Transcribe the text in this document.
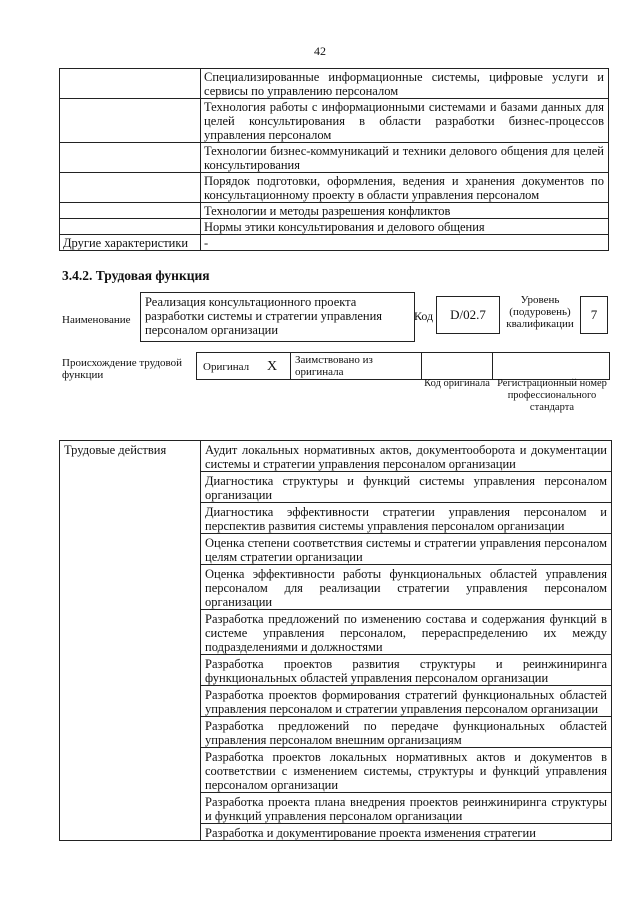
42
	Специализированные информационные системы, цифровые услуги и сервисы по управлению персоналом
	Технология работы с информационными системами и базами данных для целей консультирования в области разработки бизнес-процессов управления персоналом
	Технологии бизнес-коммуникаций и техники делового общения для целей консультирования
	Порядок подготовки, оформления, ведения и хранения документов по консультационному проекту в области управления персоналом
	Технологии и методы разрешения конфликтов
	Нормы этики консультирования и делового общения
Другие характеристики	-
3.4.2. Трудовая функция
Наименование
Реализация консультационного проекта разработки системы и стратегии управления персоналом организации
Код	D/02.7
Уровень (подуровень) квалификации
7
Происхождение трудовой функции
Оригинал X Заимствовано из оригинала
Код оригинала Регистрационный номер профессионального стандарта
Трудовые действия	Аудит локальных нормативных актов, документооборота и документации системы и стратегии управления персоналом организации
Диагностика структуры и функций системы управления персоналом организации
Диагностика эффективности стратегии управления персоналом и перспектив развития системы управления персоналом организации
Оценка степени соответствия системы и стратегии управления персоналом целям стратегии организации
Оценка эффективности работы функциональных областей управления персоналом для реализации стратегии управления персоналом организации
Разработка предложений по изменению состава и содержания функций в системе управления персоналом, перераспределению их между подразделениями и должностями
Разработка проектов развития структуры и реинжиниринга функциональных областей управления персоналом организации
Разработка проектов формирования стратегий функциональных областей управления персоналом и стратегии управления персоналом организации
Разработка предложений по передаче функциональных областей управления персоналом внешним организациям
Разработка проектов локальных нормативных актов и документов в соответствии с изменением системы, структуры и функций управления персоналом организации
Разработка проекта плана внедрения проектов реинжиниринга структуры и функций управления персоналом организации
Разработка и документирование проекта изменения стратегии
